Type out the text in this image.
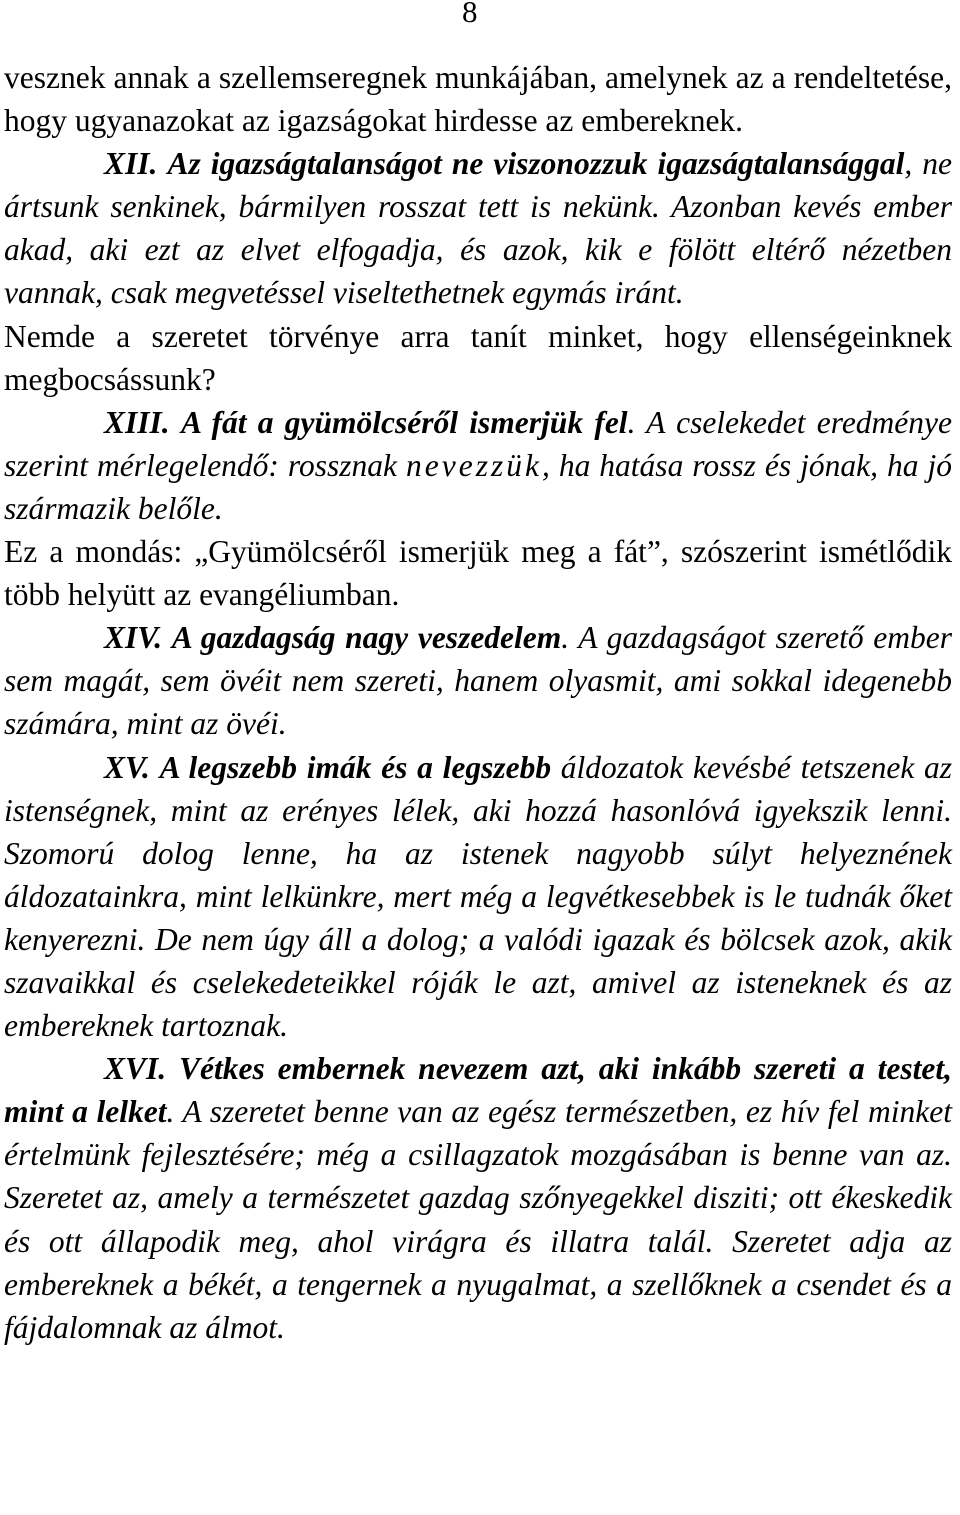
8

vesznek annak a szellemseregnek munkájában, amelynek az a rendeltetése, hogy ugyanazokat az igazságokat hirdesse az embereknek.

XII. Az igazságtalanságot ne viszonozzuk igazságtalansággal, ne ártsunk senkinek, bármilyen rosszat tett is nekünk. Azonban kevés ember akad, aki ezt az elvet elfogadja, és azok, kik e fölött eltérő nézetben vannak, csak megvetéssel viseltethetnek egymás iránt.

Nemde a szeretet törvénye arra tanít minket, hogy ellenségeinknek megbocsássunk?

XIII. A fát a gyümölcséről ismerjük fel. A cselekedet eredménye szerint mérlegelendő: rossznak nevezzük, ha hatása rossz és jónak, ha jó származik belőle.

Ez a mondás: „Gyümölcséről ismerjük meg a fát”, szószerint ismétlődik több helyütt az evangéliumban.

XIV. A gazdagság nagy veszedelem. A gazdagságot szerető ember sem magát, sem övéit nem szereti, hanem olyasmit, ami sokkal idegenebb számára, mint az övéi.

XV. A legszebb imák és a legszebb áldozatok kevésbé tetszenek az istenségnek, mint az erényes lélek, aki hozzá hasonlóvá igyekszik lenni. Szomorú dolog lenne, ha az istenek nagyobb súlyt helyeznének áldozatainkra, mint lelkünkre, mert még a legvétkesebbek is le tudnák őket kenyerezni. De nem úgy áll a dolog; a valódi igazak és bölcsek azok, akik szavaikkal és cselekedeteikkel róják le azt, amivel az isteneknek és az embereknek tartoznak.

XVI. Vétkes embernek nevezem azt, aki inkább szereti a testet, mint a lelket. A szeretet benne van az egész természetben, ez hív fel minket értelmünk fejlesztésére; még a csillagzatok mozgásában is benne van az. Szeretet az, amely a természetet gazdag szőnyegekkel disziti; ott ékeskedik és ott állapodik meg, ahol virágra és illatra talál. Szeretet adja az embereknek a békét, a tengernek a nyugalmat, a szellőknek a csendet és a fájdalomnak az álmot.
